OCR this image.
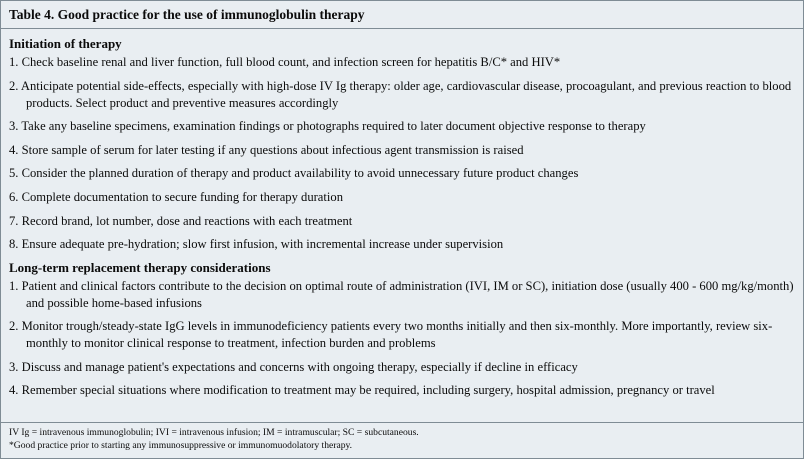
Table 4. Good practice for the use of immunoglobulin therapy
Initiation of therapy
1. Check baseline renal and liver function, full blood count, and infection screen for hepatitis B/C* and HIV*
2. Anticipate potential side-effects, especially with high-dose IV Ig therapy: older age, cardiovascular disease, procoagulant, and previous reaction to blood products. Select product and preventive measures accordingly
3. Take any baseline specimens, examination findings or photographs required to later document objective response to therapy
4. Store sample of serum for later testing if any questions about infectious agent transmission is raised
5. Consider the planned duration of therapy and product availability to avoid unnecessary future product changes
6. Complete documentation to secure funding for therapy duration
7. Record brand, lot number, dose and reactions with each treatment
8. Ensure adequate pre-hydration; slow first infusion, with incremental increase under supervision
Long-term replacement therapy considerations
1. Patient and clinical factors contribute to the decision on optimal route of administration (IVI, IM or SC), initiation dose (usually 400 - 600 mg/kg/month) and possible home-based infusions
2. Monitor trough/steady-state IgG levels in immunodeficiency patients every two months initially and then six-monthly. More importantly, review six-monthly to monitor clinical response to treatment, infection burden and problems
3. Discuss and manage patient's expectations and concerns with ongoing therapy, especially if decline in efficacy
4. Remember special situations where modification to treatment may be required, including surgery, hospital admission, pregnancy or travel
IV Ig = intravenous immunoglobulin; IVI = intravenous infusion; IM = intramuscular; SC = subcutaneous.
*Good practice prior to starting any immunosuppressive or immunomuodolatory therapy.
